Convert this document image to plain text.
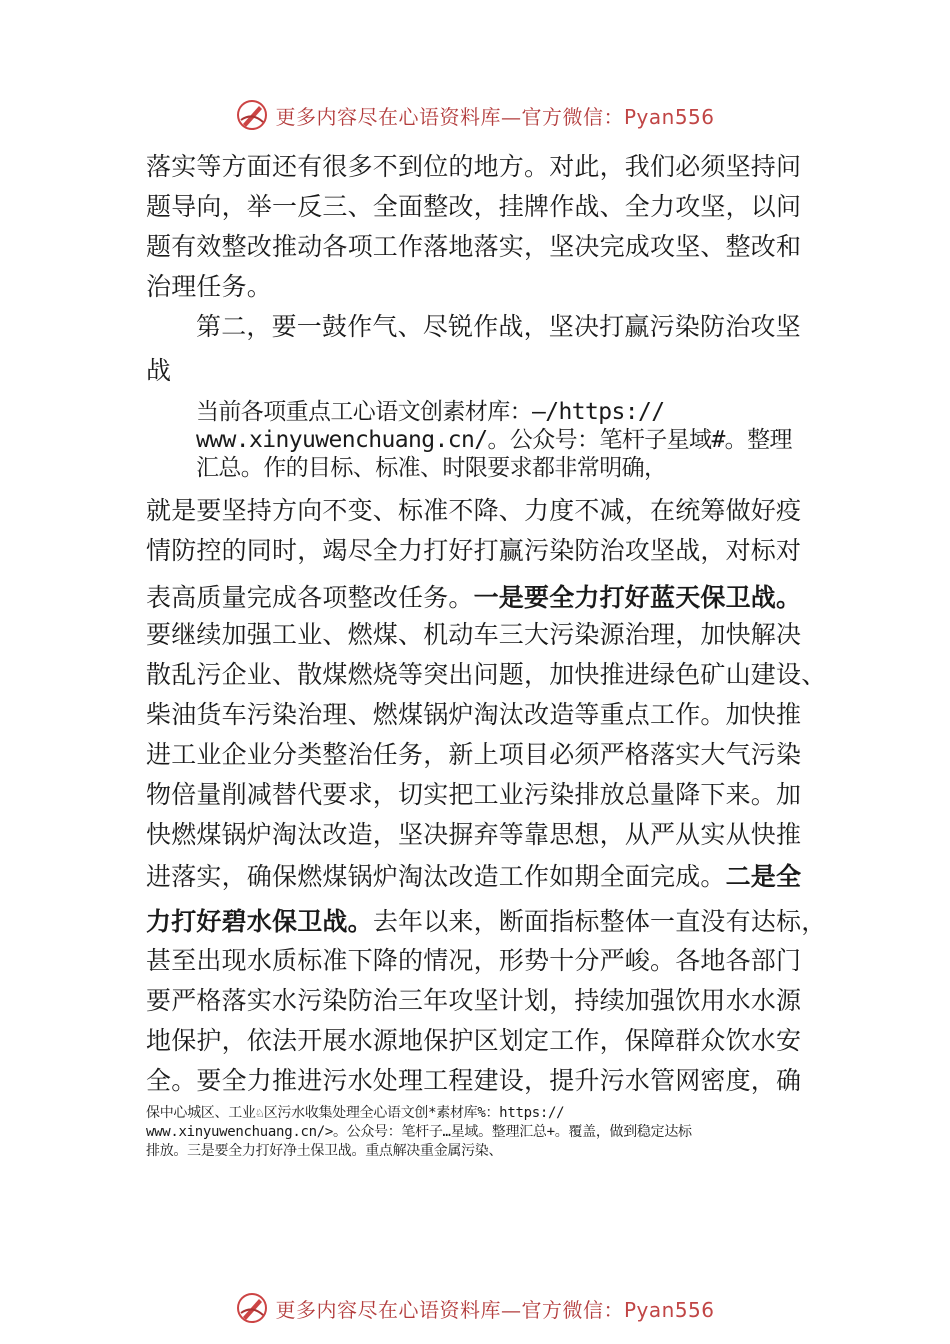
更多内容尽在心语资料库—官方微信：Pyan556
落实等方面还有很多不到位的地方。对此，我们必须坚持问
题导向，举一反三、全面整改，挂牌作战、全力攻坚，以问
题有效整改推动各项工作落地落实，坚决完成攻坚、整改和
治理任务。
第二，要一鼓作气、尽锐作战，坚决打赢污染防治攻坚
战
当前各项重点工心语文创素材库：—/https://
www.xinyuwenchuang.cn/。公众号：笔杆子星域#。整理
汇总。作的目标、标准、时限要求都非常明确，
就是要坚持方向不变、标准不降、力度不减，在统筹做好疫
情防控的同时，竭尽全力打好打赢污染防治攻坚战，对标对
表高质量完成各项整改任务。一是要全力打好蓝天保卫战。
要继续加强工业、燃煤、机动车三大污染源治理，加快解决
散乱污企业、散煤燃烧等突出问题，加快推进绿色矿山建设、
柴油货车污染治理、燃煤锅炉淘汰改造等重点工作。加快推
进工业企业分类整治任务，新上项目必须严格落实大气污染
物倍量削减替代要求，切实把工业污染排放总量降下来。加
快燃煤锅炉淘汰改造，坚决摒弃等靠思想，从严从实从快推
进落实，确保燃煤锅炉淘汰改造工作如期全面完成。二是全
力打好碧水保卫战。去年以来，断面指标整体一直没有达标，
甚至出现水质标准下降的情况，形势十分严峻。各地各部门
要严格落实水污染防治三年攻坚计划，持续加强饮用水水源
地保护，依法开展水源地保护区划定工作，保障群众饮水安
全。要全力推进污水处理工程建设，提升污水管网密度，确
保中心城区、工业♘区污水收集处理全心语文创*素材库%：https://
www.xinyuwenchuang.cn/>。公众号：笔杆子…星域。整理汇总+。覆盖，做到稳定达标
排放。三是要全力打好净土保卫战。重点解决重金属污染、
更多内容尽在心语资料库—官方微信：Pyan556
